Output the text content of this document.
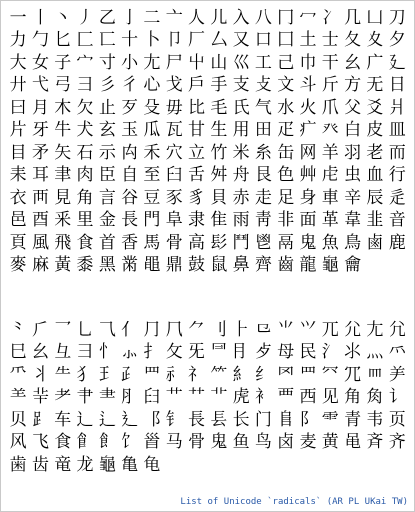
一 丨 丶 丿 乙 亅 二 亠 人 儿 入 八 冂 冖 冫 几 凵 刀
力 勹 匕 匚 匸 十 卜 卩 厂 厶 又 口 囗 土 士 夂 夊 夕
大 女 子 宀 寸 小 尢 尸 屮 山 巛 工 己 巾 干 幺 广 廴
廾 弋 弓 彐 彡 彳 心 戈 戶 手 支 攴 文 斗 斤 方 无 日
曰 月 木 欠 止 歹 殳 毋 比 毛 氏 气 水 火 爪 父 爻 爿
片 牙 牛 犬 玄 玉 瓜 瓦 甘 生 用 田 疋 疒 癶 白 皮 皿
目 矛 矢 石 示 禸 禾 穴 立 竹 米 糸 缶 网 羊 羽 老 而
耒 耳 聿 肉 臣 自 至 臼 舌 舛 舟 艮 色 艸 虍 虫 血 行
衣 襾 見 角 言 谷 豆 豕 豸 貝 赤 走 足 身 車 辛 辰 辵
邑 酉 釆 里 金 長 門 阜 隶 隹 雨 靑 非 面 革 韋 韭 音
頁 風 飛 食 首 香 馬 骨 高 髟 鬥 鬯 鬲 鬼 魚 鳥 鹵 鹿
麥 麻 黃 黍 黑 黹 黽 鼎 鼓 鼠 鼻 齊 齒 龍 龜 龠
⺀ ⺁ ⺂ ⺃ ⺄ ⺅ ⺆ ⺇ ⺈ ⺉ ⺊ ⺋ ⺌ ⺍ ⺎ ⺏ ⺐ ⺑
⺒ ⺓ ⺔ ⺕ ⺖ ⺗ ⺘ ⺙ ⺛ ⺜ ⺝ ⺞ ⺟ ⺠ ⺡ ⺢ ⺣ ⺤
⺥ ⺦ ⺧ ⺨ ⺩ ⺪ ⺫ ⺬ ⺭ ⺮ ⺯ ⺰ ⺱ ⺲ ⺳ ⺴ ⺵ ⺶
⺷ ⺸ ⺹ ⺺ ⺻ ⺼ ⺽ ⺾ ⺿ ⻀ ⻁ ⻂ ⻃ ⻄ ⻅ ⻆ ⻇ ⻈
⻉ ⻊ ⻋ ⻌ ⻍ ⻎ ⻏ ⻐ ⻑ ⻒ ⻓ ⻔ ⻕ ⻖ ⻗ ⻘ ⻙ ⻚
⻛ ⻜ ⻝ ⻞ ⻟ ⻠ ⻡ ⻢ ⻣ ⻤ ⻥ ⻦ ⻧ ⻨ ⻩ ⻪ ⻫ ⻬
⻭ ⻮ ⻯ ⻰ ⻱ ⻲ ⻳
List of Unicode `radicals` (AR PL UKai TW)
